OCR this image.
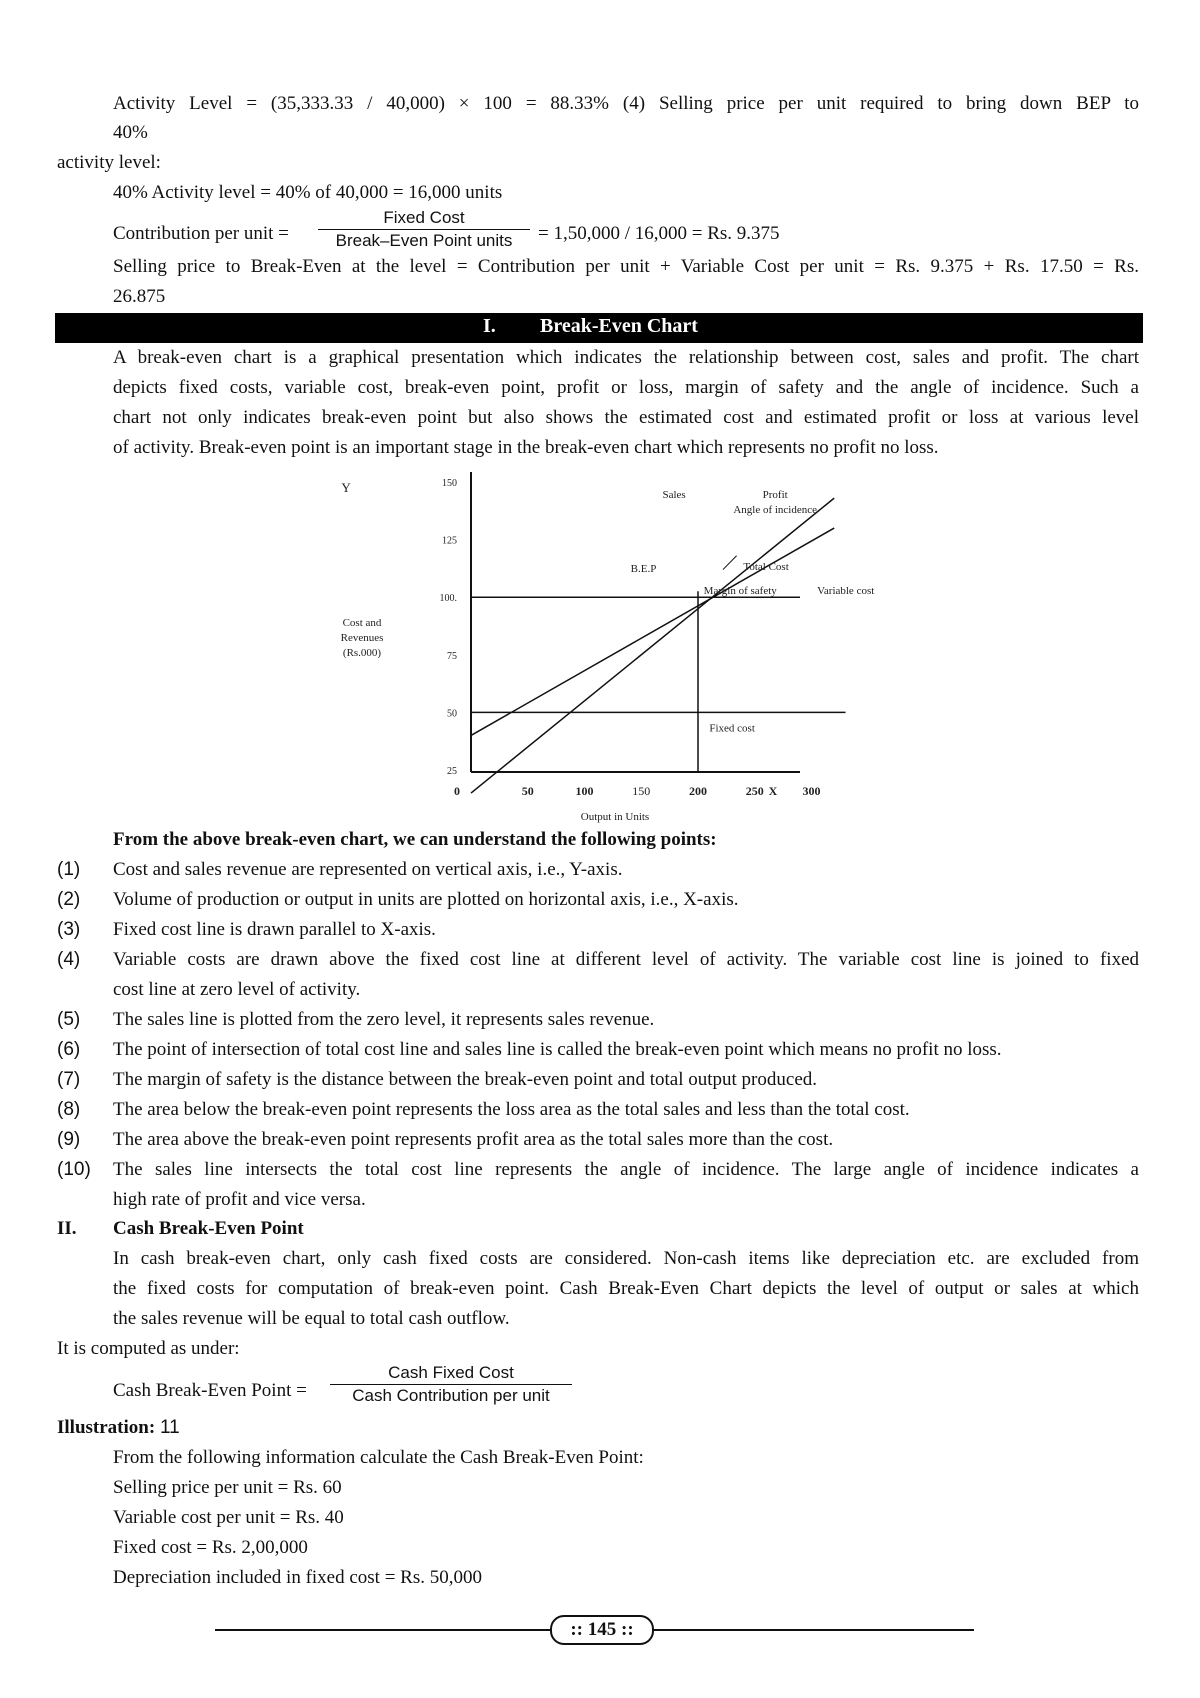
Activity Level = (35,333.33 / 40,000) × 100 = 88.33% (4) Selling price per unit required to bring down BEP to
40%
activity level:
40% Activity level = 40% of 40,000 = 16,000 units
Contribution per unit =
Fixed Cost
Break–Even Point units	= 1,50,000 / 16,000 = Rs. 9.375
Selling price to Break-Even at the level = Contribution per unit + Variable Cost per unit = Rs. 9.375 + Rs. 17.50 = Rs.
26.875
I. Break-Even Chart
A break-even chart is a graphical presentation which indicates the relationship between cost, sales and profit. The chart
depicts fixed costs, variable cost, break-even point, profit or loss, margin of safety and the angle of incidence. Such a
chart not only indicates break-even point but also shows the estimated cost and estimated profit or loss at various level
of activity. Break-even point is an important stage in the break-even chart which represents no profit no loss.
25
50
75
100.
125
150
0	50	100	150	200	250	300
X
Y
Cost and
Revenues
(Rs.000)
Output in Units
Sales	Profit
Angle of incidence
B.E.P	Total Cost
Margin of safety	Variable cost
Fixed cost
From the above break-even chart, we can understand the following points:
(1) Cost and sales revenue are represented on vertical axis, i.e., Y-axis.
(2) Volume of production or output in units are plotted on horizontal axis, i.e., X-axis.
(3) Fixed cost line is drawn parallel to X-axis.
(4) Variable costs are drawn above the fixed cost line at different level of activity. The variable cost line is joined to fixed
cost line at zero level of activity.
(5) The sales line is plotted from the zero level, it represents sales revenue.
(6) The point of intersection of total cost line and sales line is called the break-even point which means no profit no loss.
(7) The margin of safety is the distance between the break-even point and total output produced.
(8) The area below the break-even point represents the loss area as the total sales and less than the total cost.
(9) The area above the break-even point represents profit area as the total sales more than the cost.
(10) The sales line intersects the total cost line represents the angle of incidence. The large angle of incidence indicates a
high rate of profit and vice versa.
II. Cash Break-Even Point
In cash break-even chart, only cash fixed costs are considered. Non-cash items like depreciation etc. are excluded from
the fixed costs for computation of break-even point. Cash Break-Even Chart depicts the level of output or sales at which
the sales revenue will be equal to total cash outflow.
It is computed as under:
Cash Break-Even Point =
Cash Fixed Cost
Cash Contribution per unit
Illustration: 11
From the following information calculate the Cash Break-Even Point:
Selling price per unit = Rs. 60
Variable cost per unit = Rs. 40
Fixed cost = Rs. 2,00,000
Depreciation included in fixed cost = Rs. 50,000
:: 145 ::
